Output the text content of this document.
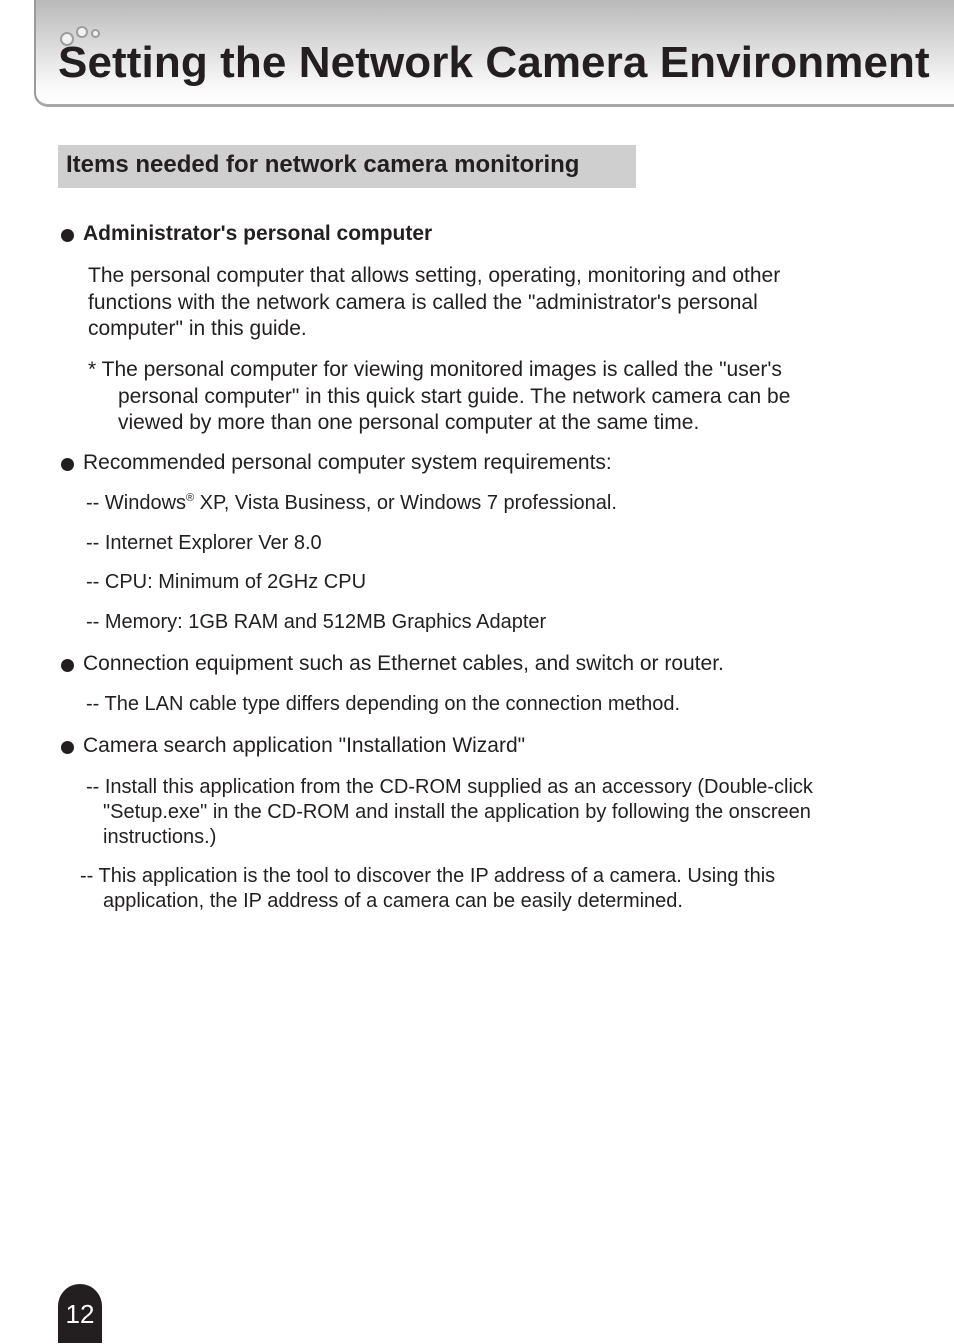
Setting the Network Camera Environment
Items needed for network camera monitoring

Administrator's personal computer

The personal computer that allows setting, operating, monitoring and other
functions with the network camera is called the "administrator's personal
computer" in this guide.
* The personal computer for viewing monitored images is called the "user's
personal computer" in this quick start guide. The network camera can be
viewed by more than one personal computer at the same time.

Recommended personal computer system requirements:

-- Windows® XP, Vista Business, or Windows 7 professional.

-- Internet Explorer Ver 8.0

-- CPU: Minimum of 2GHz CPU

-- Memory: 1GB RAM and 512MB Graphics Adapter

Connection equipment such as Ethernet cables, and switch or router.

-- The LAN cable type differs depending on the connection method.

Camera search application "Installation Wizard"

-- Install this application from the CD-ROM supplied as an accessory (Double-click
"Setup.exe" in the CD-ROM and install the application by following the onscreen
instructions.)
-- This application is the tool to discover the IP address of a camera. Using this
application, the IP address of a camera can be easily determined.
12
